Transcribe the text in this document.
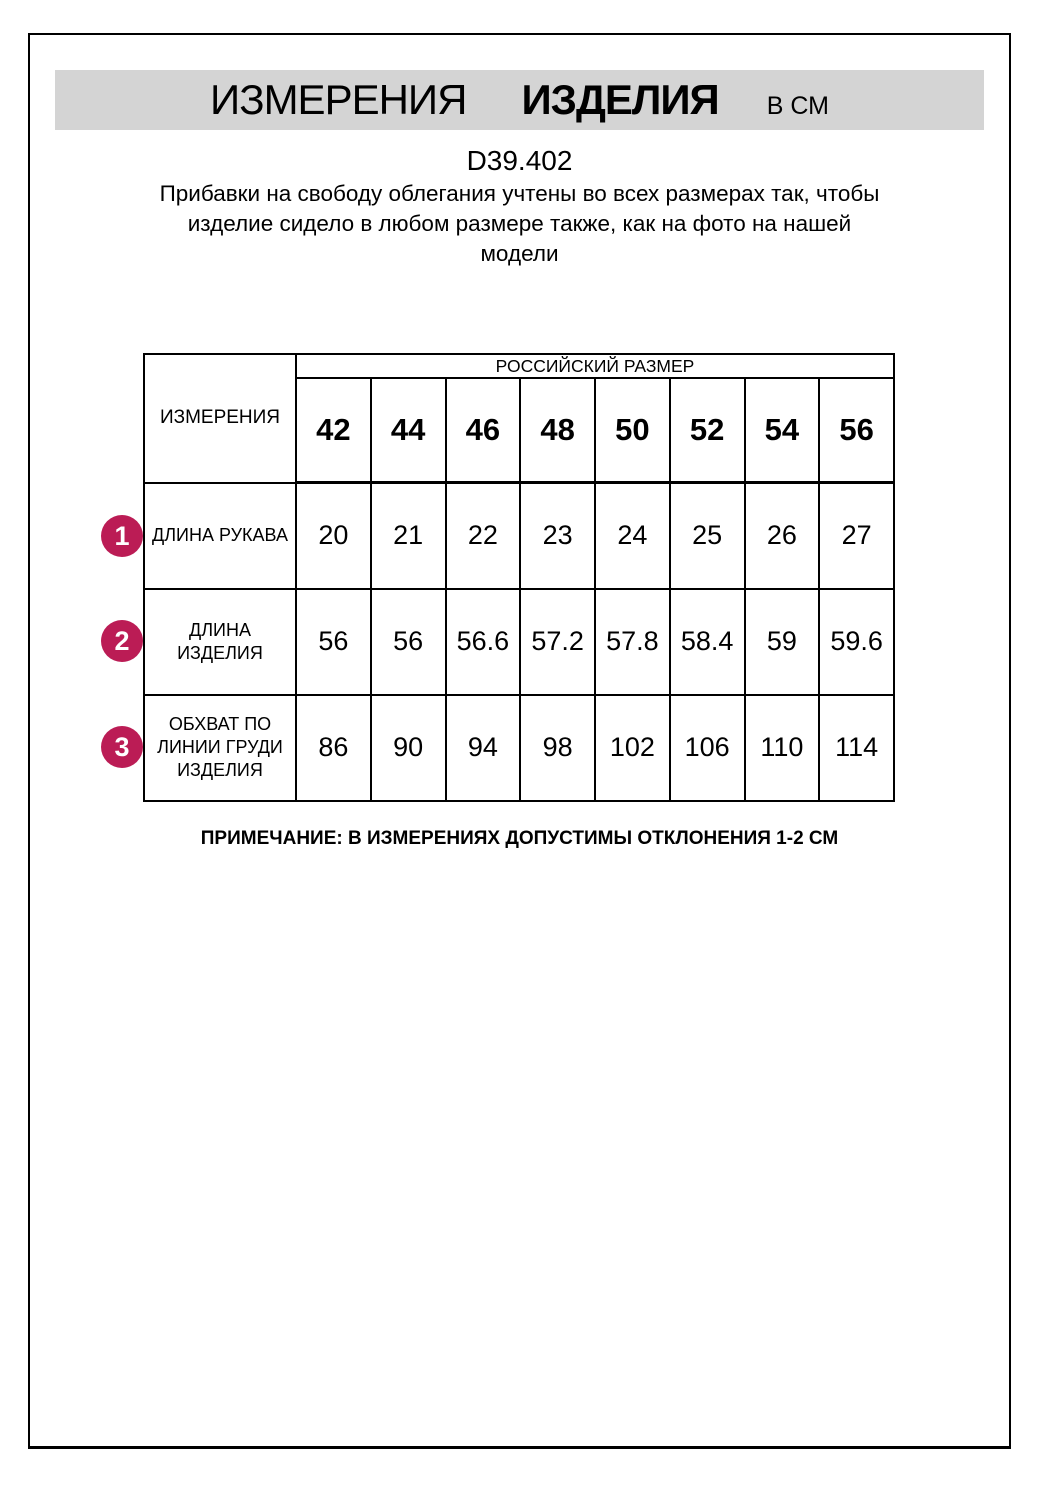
ИЗМЕРЕНИЯ ИЗДЕЛИЯ В СМ
D39.402
Прибавки на свободу облегания учтены во всех размерах так, чтобы
изделие сидело в любом размере также, как на фото на нашей
модели
1
2
3
ИЗМЕРЕНИЯ	РОССИЙСКИЙ РАЗМЕР							
	42	44	46	48	50	52	54	56

ДЛИНА РУКАВА	20	21	22	23	24	25	26	27

ДЛИНА
ИЗДЕЛИЯ	56	56	56.6	57.2	57.8	58.4	59	59.6

ОБХВАТ ПО
ЛИНИИ ГРУДИ
ИЗДЕЛИЯ	86	90	94	98	102	106	110	114
ПРИМЕЧАНИЕ: В ИЗМЕРЕНИЯХ ДОПУСТИМЫ ОТКЛОНЕНИЯ 1-2 СМ
